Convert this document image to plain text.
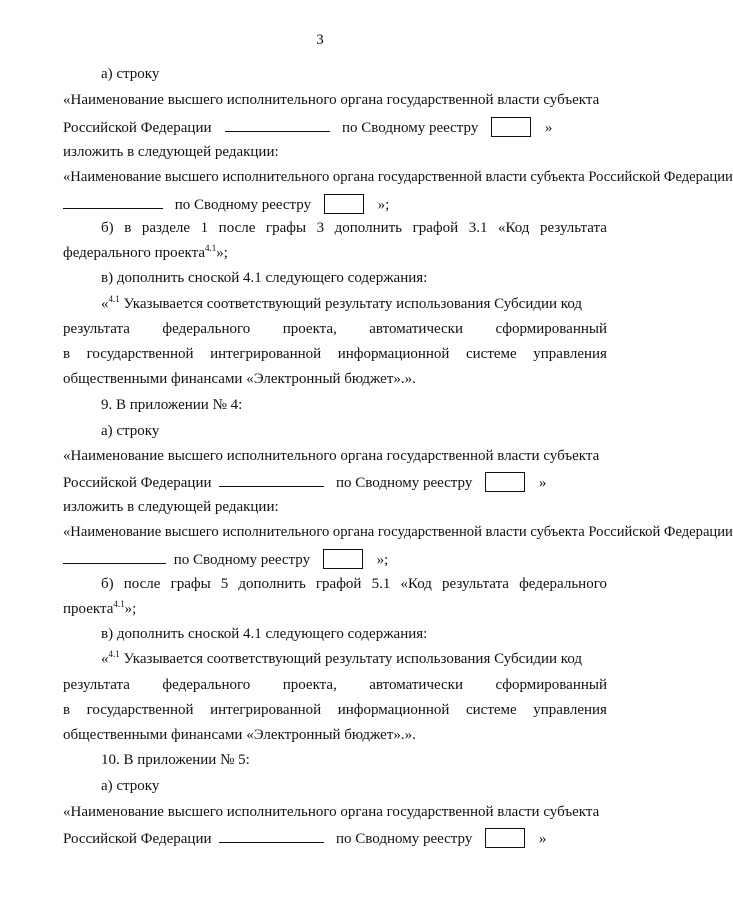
3
а) строку
«Наименование высшего исполнительного органа государственной власти субъекта
Российской Федерации	по Сводному реестру	»
изложить в следующей редакции:
«Наименование высшего исполнительного органа государственной власти субъекта Российской Федерации
по Сводному реестру	»;
б) в разделе 1 после графы 3 дополнить графой 3.1 «Код результата
федерального проекта$^{4.1}$»;
в) дополнить сноской 4.1 следующего содержания:
«$^{4.1}$ Указывается соответствующий результату использования Субсидии код
результата федерального проекта, автоматически сформированный
в государственной интегрированной информационной системе управления
общественными финансами «Электронный бюджет».».
9. В приложении № 4:
а) строку
«Наименование высшего исполнительного органа государственной власти субъекта
Российской Федерации	по Сводному реестру	»
изложить в следующей редакции:
«Наименование высшего исполнительного органа государственной власти субъекта Российской Федерации
по Сводному реестру	»;
б) после графы 5 дополнить графой 5.1 «Код результата федерального
проекта$^{4.1}$»;
в) дополнить сноской 4.1 следующего содержания:
«$^{4.1}$ Указывается соответствующий результату использования Субсидии код
результата федерального проекта, автоматически сформированный
в государственной интегрированной информационной системе управления
общественными финансами «Электронный бюджет».».
10. В приложении № 5:
а) строку
«Наименование высшего исполнительного органа государственной власти субъекта
Российской Федерации	по Сводному реестру	»
